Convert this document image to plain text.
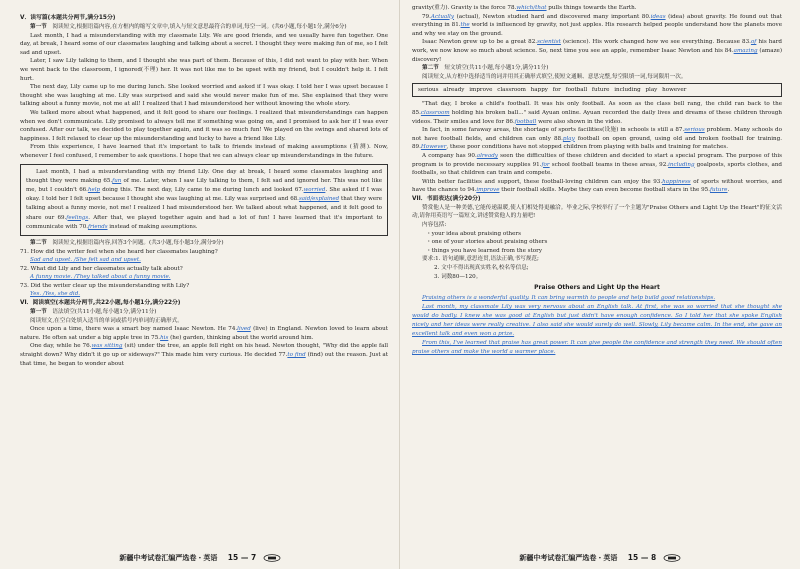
V．读写篇(本题共分两节,满分15分)

第一节　 阅读短文,根据语篇内容,在方框内的缩写文章中,填入与短文意思最符合的单词,每空一词。(共6小题,每小题1分,满分6分)

Last month, I had a misunderstanding with my classmate Lily. We are good friends, and we usually have fun together. One day, at break, I heard some of our classmates laughing and talking about a secret. I thought they were making fun of me, so I felt sad and upset.

Later, I saw Lily talking to them, and I thought she was part of them. Because of this, I did not want to play with her. When we went back to the classroom, I ignored(不理) her. It was not like me to be upset with my friend, but I couldn't help it. I felt hurt.

The next day, Lily came up to me during lunch. She looked worried and asked if I was okay. I told her I was upset because I thought she was laughing at me. Lily was surprised and said she would never make fun of me. She explained that they were talking about a funny movie, not me at all! I realized that I had misunderstood her without knowing the whole story.

We talked more about what happened, and it felt good to share our feelings. I realized that misunderstandings can happen when we don't communicate. Lily promised to always tell me if something was going on, and I promised to ask her if I was ever confused. After our talk, we decided to play together again, and it was so much fun! We played on the swings and shared lots of happiness. I felt relaxed to clear up the misunderstanding and lucky to have a friend like Lily.

From this experience, I have learned that it's important to talk to friends instead of making assumptions (猜测). Now, whenever I feel confused, I remember to ask questions. I hope that we can always clear up misunderstandings in the future.

Last month, I had a misunderstanding with my friend Lily. One day at break, I heard some classmates laughing and thought they were making 65.fun of me. Later, when I saw Lily talking to them, I felt sad and ignored her. This was not like me, but I couldn't 66.help doing this. The next day, Lily came to me during lunch and looked 67.worried. She asked if I was okay. I told her I felt upset because I thought she was laughing at me. Lily was surprised and 68.said/explained that they were talking about a funny movie, not me! I realized I had misunderstood her. We talked about what happened, and it felt good to share our 69.feelings. After that, we played together again and had a lot of fun! I have learned that it's important to communicate with 70.friends instead of making assumptions.

第二节　 阅读短文,根据语篇内容,回答3个问题。(共3小题,每小题3分,满分9分)

71. How did the writer feel when she heard her classmates laughing?

Sad and upset. /She felt sad and upset.

72. What did Lily and her classmates actually talk about?

A funny movie. /They talked about a funny movie.

73. Did the writer clear up the misunderstanding with Lily?

Yes. /Yes, she did.

VI．阅读填空(本题共分两节,共22小题,每小题1分,满分22分)

第一节　 语法填空(共11小题,每小题1分,满分11分)

阅读短文,在空白处填入适当的单词或括号内单词的正确形式。

Once upon a time, there was a smart boy named Isaac Newton. He 74.lived (live) in England. Newton loved to learn about nature. He often sat under a big apple tree in 75.his (he) garden, thinking about the world around him.

One day, while he 76.was sitting (sit) under the tree, an apple fell right on his head. Newton thought, "Why did the apple fall straight down? Why didn't it go up or sideways?" This made him very curious. He decided 77.to find (find) out the reason. Just at that time, he began to wonder about

新疆中考试卷汇编严选卷・英语 15 — 7

gravity(重力). Gravity is the force 78.which/that pulls things towards the Earth.

79.Actually (actual), Newton studied hard and discovered many important 80.ideas (idea) about gravity. He found out that everything in 81.the world is influenced by gravity, not just apples. His research helped people understand how the planets move and why we stay on the ground.

Isaac Newton grew up to be a great 82.scientist (science). His work changed how we see everything. Because 83.of his hard work, we now know so much about science. So, next time you see an apple, remember Isaac Newton and his 84.amazing (amaze) discovery!

第二节　 短文填空(共11小题,每小题1分,满分11分)

阅读短文,从方框中选择适当的词并用其正确形式填空,使短文通顺、意思完整,每空限填一词,每词限用一次。

serious already improve classroom happy for football future including play however

"That day, I broke a child's football. It was his only football. As soon as the class bell rang, the child ran back to the 85.classroom holding his broken ball..." said Ayuan online. Ayuan recorded the daily lives and dreams of these children through videos. Their smiles and love for 86.football were also shown in the video.

In fact, in some faraway areas, the shortage of sports facilities(设施) in schools is still a 87.serious problem. Many schools do not have football fields, and children can only 88.play football on open ground, using old and broken football for training. 89.However, these poor conditions have not stopped children from playing with balls and training for matches.

A company has 90.already seen the difficulties of these children and decided to start a special program. The purpose of this program is to provide necessary supplies 91.for school football teams in these areas, 92.including goalposts, sports clothes, and footballs, so that children can train and compete.

With better facilities and support, these football-loving children can enjoy the 93.happiness of sports without worries, and have the chance to 94.improve their football skills. Maybe they can even become football stars in the 95.future.

VII．书面表达(满分20分)

赞赏他人是一种美德,它能传递温暖,使人们相处得更融洽。毕业之际,学校举行了一个主题为"Praise Others and Light Up the Heart"的征文活动,请你用英语写一篇短文,讲述赞赏他人的力量吧!

内容包括:

・your idea about praising others

・one of your stories about praising others

・things you have learned from the story

要求:1. 语句通顺,意思连贯,语法正确,书写规范;

2. 文中不得出现真实姓名,校名等信息;

3. 词数80—120。

Praise Others and Light Up the Heart

Praising others is a wonderful quality. It can bring warmth to people and help build good relationships.

Last month, my classmate Lily was very nervous about an English talk. At first, she was so worried that she thought she would do badly. I knew she was good at English but just didn't have enough confidence. So I told her that she spoke English nicely and her ideas were really creative. I also said she would surely do well. Slowly, Lily became calm. In the end, she gave an excellent talk and even won a prize.

From this, I've learned that praise has great power. It can give people the confidence and strength they need. We should often praise others and make the world a warmer place.

新疆中考试卷汇编严选卷・英语 15 — 8
